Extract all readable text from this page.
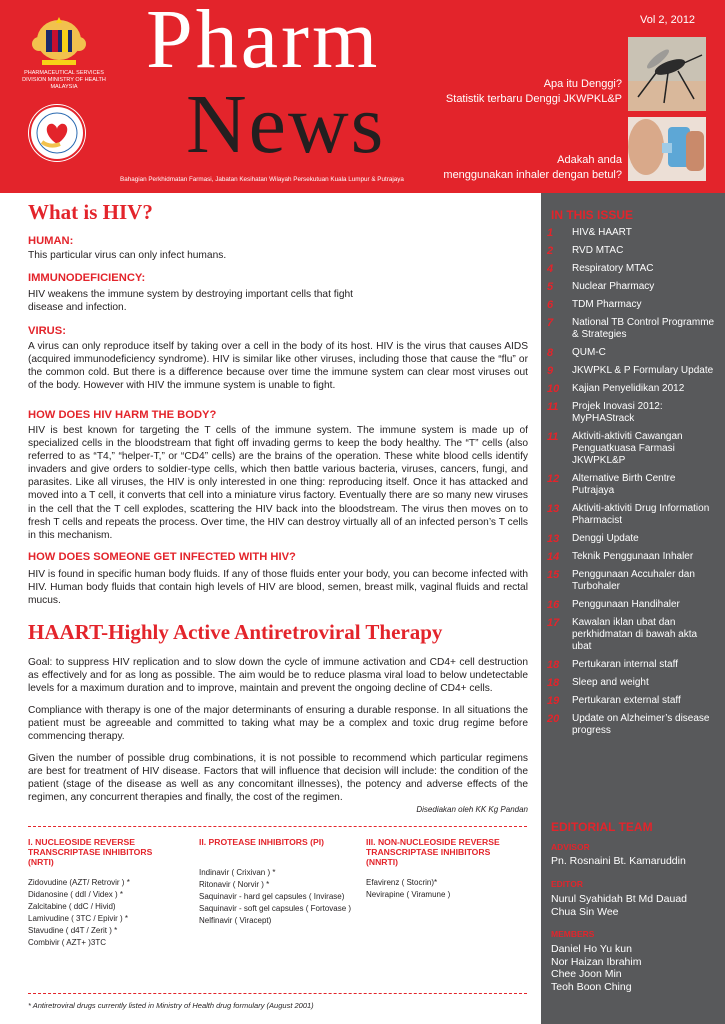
PHARMACEUTICAL SERVICES DIVISION MINISTRY OF HEALTH MALAYSIA
Pharm
News
Bahagian Perkhidmatan Farmasi, Jabatan Kesihatan Wilayah Persekutuan Kuala Lumpur & Putrajaya
Vol 2, 2012
Apa itu Denggi?
Statistik terbaru Denggi JKWPKL&P
Adakah anda
menggunakan inhaler dengan betul?
What is HIV?
HUMAN:
This particular virus can only infect humans.
IMMUNODEFICIENCY:
HIV weakens the immune system by destroying important cells that fight disease and infection.
VIRUS:
A virus can only reproduce itself by taking over a cell in the body of its host. HIV is the virus that causes AIDS (acquired immunodeficiency syndrome). HIV is similar like other viruses, including those that cause the “flu” or the common cold. But there is a difference because over time the immune system can clear most viruses out of the body. However with HIV the immune system is unable to fight.
HOW DOES HIV HARM THE BODY?
HIV is best known for targeting the T cells of the immune system. The immune system is made up of specialized cells in the bloodstream that fight off invading germs to keep the body healthy. The “T” cells (also referred to as “T4,” “helper-T,” or “CD4” cells) are the brains of the operation. These white blood cells identify invaders and give orders to soldier-type cells, which then battle various bacteria, viruses, cancers, fungi, and parasites. Like all viruses, the HIV is only interested in one thing: reproducing itself. Once it has attacked and moved into a T cell, it converts that cell into a miniature virus factory. Eventually there are so many new viruses in the cell that the T cell explodes, scattering the HIV back into the bloodstream. The virus then moves on to fresh T cells and repeats the process. Over time, the HIV can destroy virtually all of an infected person’s T cells in this mechanism.
HOW DOES SOMEONE GET INFECTED WITH HIV?
HIV is found in specific human body fluids. If any of those fluids enter your body, you can become infected with HIV. Human body fluids that contain high levels of HIV are blood, semen, breast milk, vaginal fluids and rectal mucus.
HAART-Highly Active Antiretroviral Therapy
Goal: to suppress HIV replication and to slow down the cycle of immune activation and CD4+ cell destruction as effectively and for as long as possible. The aim would be to reduce plasma viral load to below undetectable levels for a maximum duration and to improve, maintain and prevent the ongoing decline of CD4+ cells.
Compliance with therapy is one of the major determinants of ensuring a durable response. In all situations the patient must be agreeable and committed to taking what may be a complex and toxic drug regime before commencing therapy.
Given the number of possible drug combinations, it is not possible to recommend which particular regimens are best for treatment of HIV disease. Factors that will influence that decision will include: the condition of the patient (stage of the disease as well as any concomitant illnesses), the potency and adverse effects of the regimen, any concurrent therapies and finally, the cost of the regimen.
Disediakan oleh KK Kg Pandan
I. NUCLEOSIDE REVERSE TRANSCRIPTASE INHIBITORS (NRTI)
Zidovudine (AZT/ Retrovir ) *
Didanosine ( ddI / Videx ) *
Zalcitabine ( ddC / Hivid)
Lamivudine ( 3TC / Epivir ) *
Stavudine ( d4T / Zerit ) *
Combivir ( AZT+ )3TC
II. PROTEASE INHIBITORS (PI)
Indinavir ( Crixivan ) *
Ritonavir ( Norvir ) *
Saquinavir - hard gel capsules ( Invirase)
Saquinavir - soft gel capsules ( Fortovase )
Nelfinavir ( Viracept)
III. NON-NUCLEOSIDE REVERSE TRANSCRIPTASE INHIBITORS (NNRTI)
Efavirenz ( Stocrin)*
Nevirapine ( Viramune )
* Antiretroviral drugs currently listed in Ministry of Health drug formulary (August 2001)
IN THIS ISSUE
1	HIV& HAART
2	RVD MTAC
4	Respiratory MTAC
5	Nuclear Pharmacy
6	TDM Pharmacy
7	National TB Control Programme & Strategies
8	QUM-C
9	JKWPKL & P Formulary Update
10	Kajian Penyelidikan 2012
11	Projek Inovasi 2012: MyPHAStrack
11	Aktiviti-aktiviti Cawangan Penguatkuasa Farmasi JKWPKL&P
12	Alternative Birth Centre Putrajaya
13	Aktiviti-aktiviti Drug Information Pharmacist
13	Denggi Update
14	Teknik Penggunaan Inhaler
15	Penggunaan Accuhaler dan Turbohaler
16	Penggunaan Handihaler
17	Kawalan iklan ubat dan perkhidmatan di bawah akta ubat
18	Pertukaran internal staff
18	Sleep and weight
19	Pertukaran external staff
20	Update on Alzheimer’s disease progress
EDITORIAL TEAM
ADVISOR
Pn. Rosnaini Bt. Kamaruddin
EDITOR
Nurul Syahidah Bt Md Dauad
Chua Sin Wee
MEMBERS
Daniel Ho Yu kun
Nor Haizan Ibrahim
Chee Joon Min
Teoh Boon Ching
